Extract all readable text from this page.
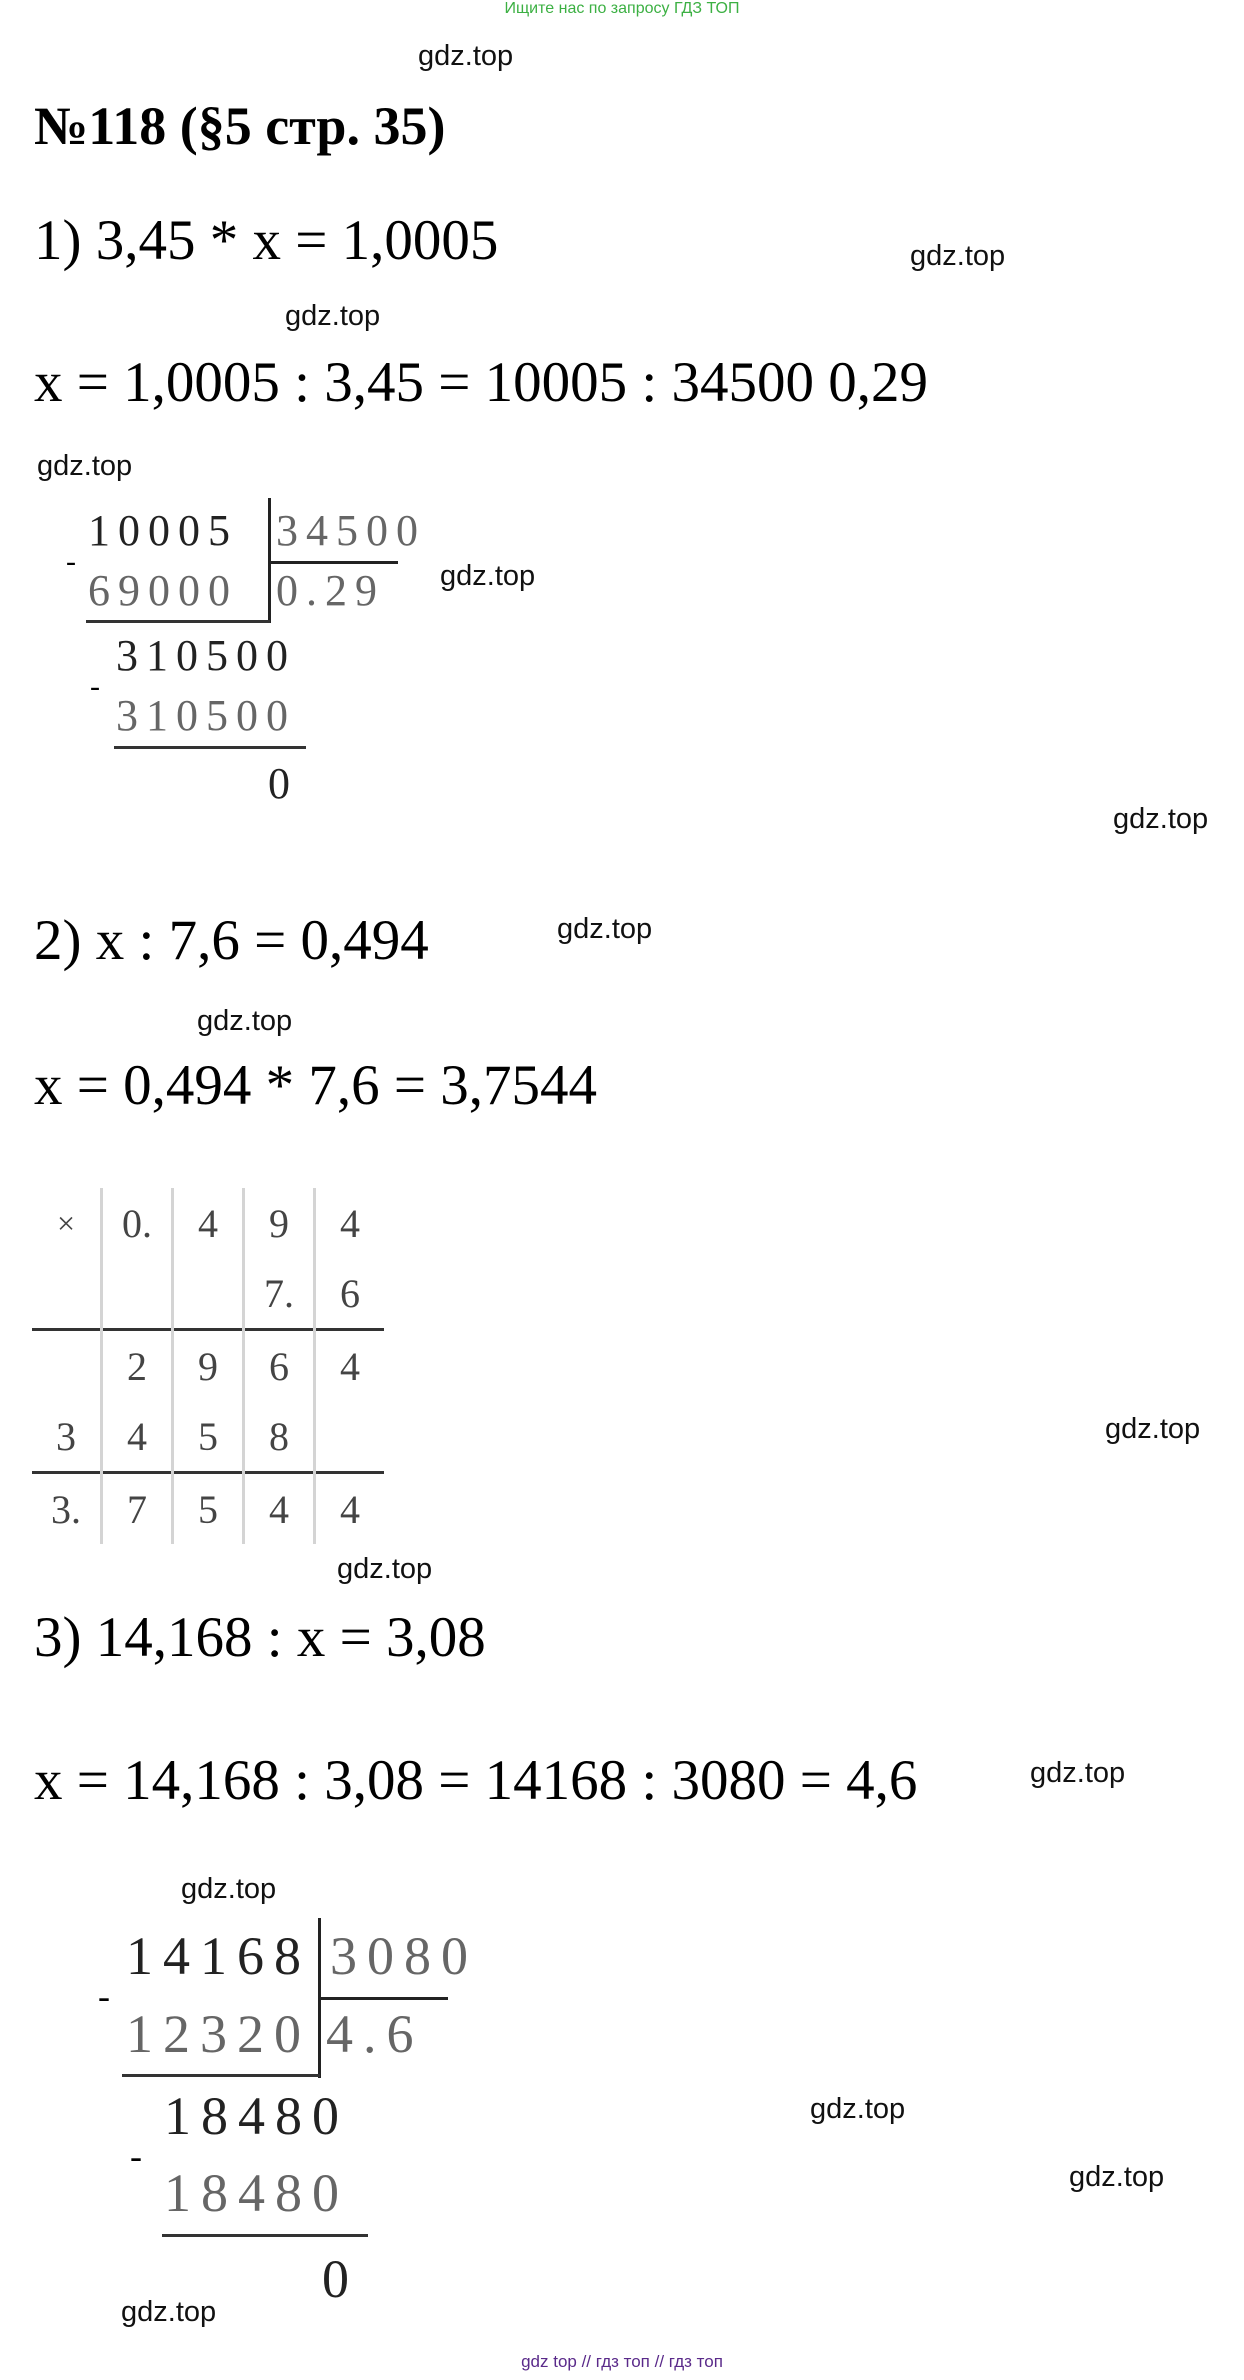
Ищите нас по запросу ГДЗ ТОП
gdz.top
№118 (§5 стр. 35)
1) 3,45 * x = 1,0005	gdz.top
gdz.top
x = 1,0005 : 3,45 = 10005 : 34500 0,29
gdz.top
10005 34500
-
69000 0.29
310500
-
310500
0
gdz.top
gdz.top
2) x : 7,6 = 0,494	gdz.top
gdz.top
x = 0,494 * 7,6 = 3,7544
×	0.	4	9	4
			7.	6
	2	9	6	4
3	4	5	8	
3.	7	5	4	4
gdz.top
gdz.top
3) 14,168 : x = 3,08
x = 14,168 : 3,08 = 14168 : 3080 = 4,6	gdz.top
gdz.top
14168 3080
-
12320 4.6
18480
-
18480
0
gdz.top
gdz.top
gdz.top
gdz top // гдз топ // гдз топ
